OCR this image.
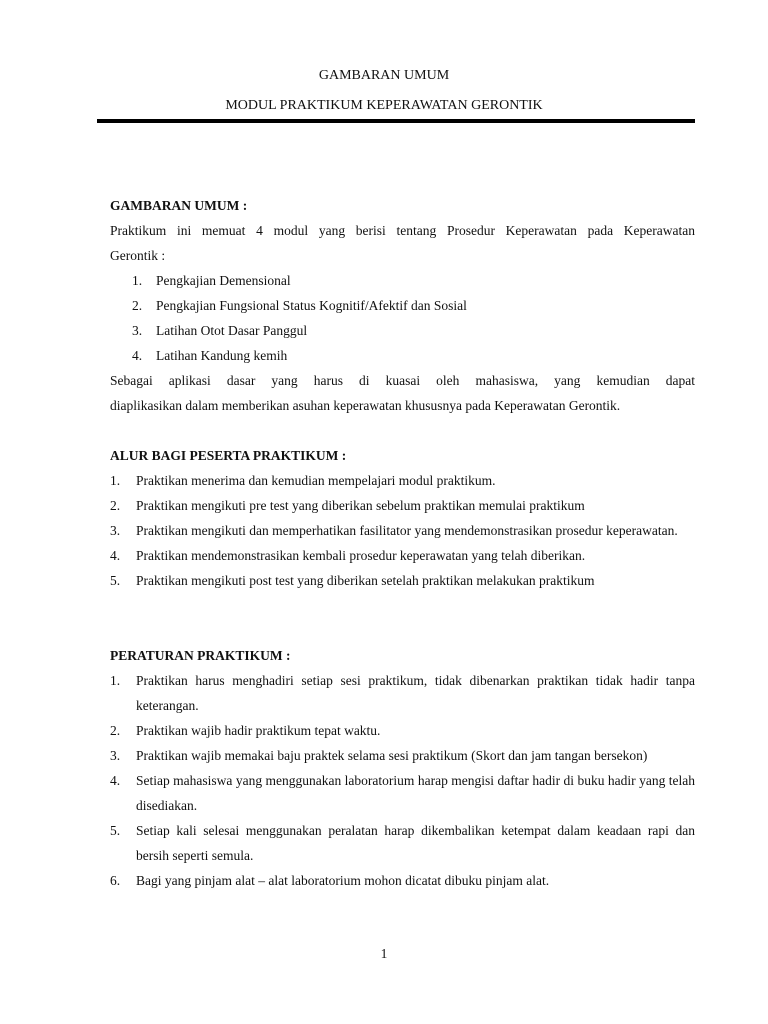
GAMBARAN UMUM
MODUL PRAKTIKUM KEPERAWATAN GERONTIK
GAMBARAN UMUM :
Praktikum ini memuat 4 modul yang berisi tentang Prosedur Keperawatan pada Keperawatan
Gerontik :
1. Pengkajian Demensional
2. Pengkajian Fungsional Status Kognitif/Afektif dan Sosial
3. Latihan Otot Dasar Panggul
4. Latihan Kandung kemih
Sebagai aplikasi dasar yang harus di kuasai oleh mahasiswa, yang kemudian dapat
diaplikasikan dalam memberikan asuhan keperawatan khususnya pada Keperawatan Gerontik.
ALUR BAGI PESERTA PRAKTIKUM :
1. Praktikan menerima dan kemudian mempelajari modul praktikum.
2. Praktikan mengikuti pre test yang diberikan sebelum praktikan memulai praktikum
3. Praktikan mengikuti dan memperhatikan fasilitator yang mendemonstrasikan prosedur keperawatan.
4. Praktikan mendemonstrasikan kembali prosedur keperawatan yang telah diberikan.
5. Praktikan mengikuti post test yang diberikan setelah praktikan melakukan praktikum
PERATURAN PRAKTIKUM :
1. Praktikan harus menghadiri setiap sesi praktikum, tidak dibenarkan praktikan tidak hadir tanpa keterangan.
2. Praktikan wajib hadir praktikum tepat waktu.
3. Praktikan wajib memakai baju praktek selama sesi praktikum (Skort dan jam tangan bersekon)
4. Setiap mahasiswa yang menggunakan laboratorium harap mengisi daftar hadir di buku hadir yang telah disediakan.
5. Setiap kali selesai menggunakan peralatan harap dikembalikan ketempat dalam keadaan rapi dan bersih seperti semula.
6. Bagi yang pinjam alat – alat laboratorium mohon dicatat dibuku pinjam alat.
1
